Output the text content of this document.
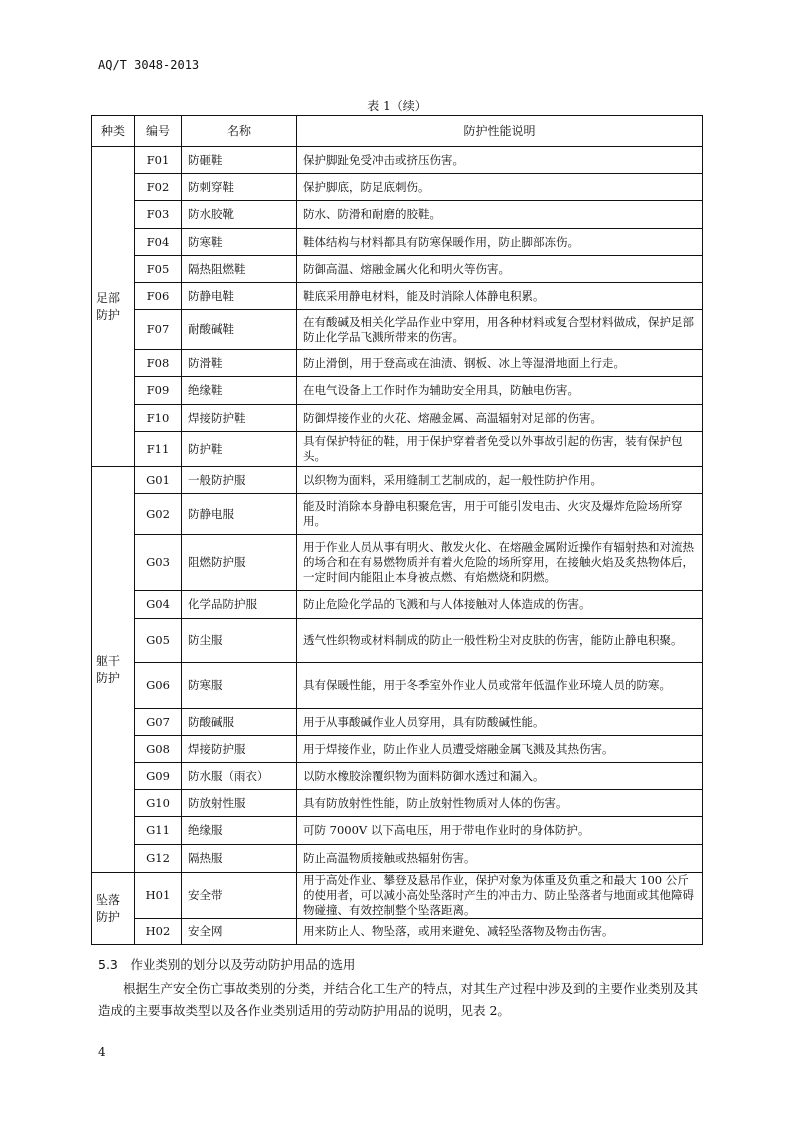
AQ/T 3048-2013
表 1（续）
种类	编号	名称	防护性能说明
足部防护	F01	防砸鞋	保护脚趾免受冲击或挤压伤害。
	F02	防刺穿鞋	保护脚底，防足底刺伤。
	F03	防水胶靴	防水、防滑和耐磨的胶鞋。
	F04	防寒鞋	鞋体结构与材料都具有防寒保暖作用，防止脚部冻伤。
	F05	隔热阻燃鞋	防御高温、熔融金属火化和明火等伤害。
	F06	防静电鞋	鞋底采用静电材料，能及时消除人体静电积累。
	F07	耐酸碱鞋	在有酸碱及相关化学品作业中穿用，用各种材料或复合型材料做成，保护足部防止化学品飞溅所带来的伤害。
	F08	防滑鞋	防止滑倒，用于登高或在油渍、钢板、冰上等湿滑地面上行走。
	F09	绝缘鞋	在电气设备上工作时作为辅助安全用具，防触电伤害。
	F10	焊接防护鞋	防御焊接作业的火花、熔融金属、高温辐射对足部的伤害。
	F11	防护鞋	具有保护特征的鞋，用于保护穿着者免受以外事故引起的伤害，装有保护包头。
躯干防护	G01	一般防护服	以织物为面料，采用缝制工艺制成的，起一般性防护作用。
	G02	防静电服	能及时消除本身静电积聚危害，用于可能引发电击、火灾及爆炸危险场所穿用。
	G03	阻燃防护服	用于作业人员从事有明火、散发火化、在熔融金属附近操作有辐射热和对流热的场合和在有易燃物质并有着火危险的场所穿用，在接触火焰及炙热物体后，一定时间内能阻止本身被点燃、有焰燃烧和阴燃。
	G04	化学品防护服	防止危险化学品的飞溅和与人体接触对人体造成的伤害。
	G05	防尘服	透气性织物或材料制成的防止一般性粉尘对皮肤的伤害，能防止静电积聚。
	G06	防寒服	具有保暖性能，用于冬季室外作业人员或常年低温作业环境人员的防寒。
	G07	防酸碱服	用于从事酸碱作业人员穿用，具有防酸碱性能。
	G08	焊接防护服	用于焊接作业，防止作业人员遭受熔融金属飞溅及其热伤害。
	G09	防水服（雨衣）	以防水橡胶涂覆织物为面料防御水透过和漏入。
	G10	防放射性服	具有防放射性性能，防止放射性物质对人体的伤害。
	G11	绝缘服	可防 7000V 以下高电压，用于带电作业时的身体防护。
	G12	隔热服	防止高温物质接触或热辐射伤害。
坠落防护	H01	安全带	用于高处作业、攀登及悬吊作业，保护对象为体重及负重之和最大 100 公斤的使用者，可以减小高处坠落时产生的冲击力、防止坠落者与地面或其他障碍物碰撞、有效控制整个坠落距离。
	H02	安全网	用来防止人、物坠落，或用来避免、减轻坠落物及物击伤害。
5.3　作业类别的划分以及劳动防护用品的选用
根据生产安全伤亡事故类别的分类，并结合化工生产的特点，对其生产过程中涉及到的主要作业类别及其造成的主要事故类型以及各作业类别适用的劳动防护用品的说明，见表 2。
4
